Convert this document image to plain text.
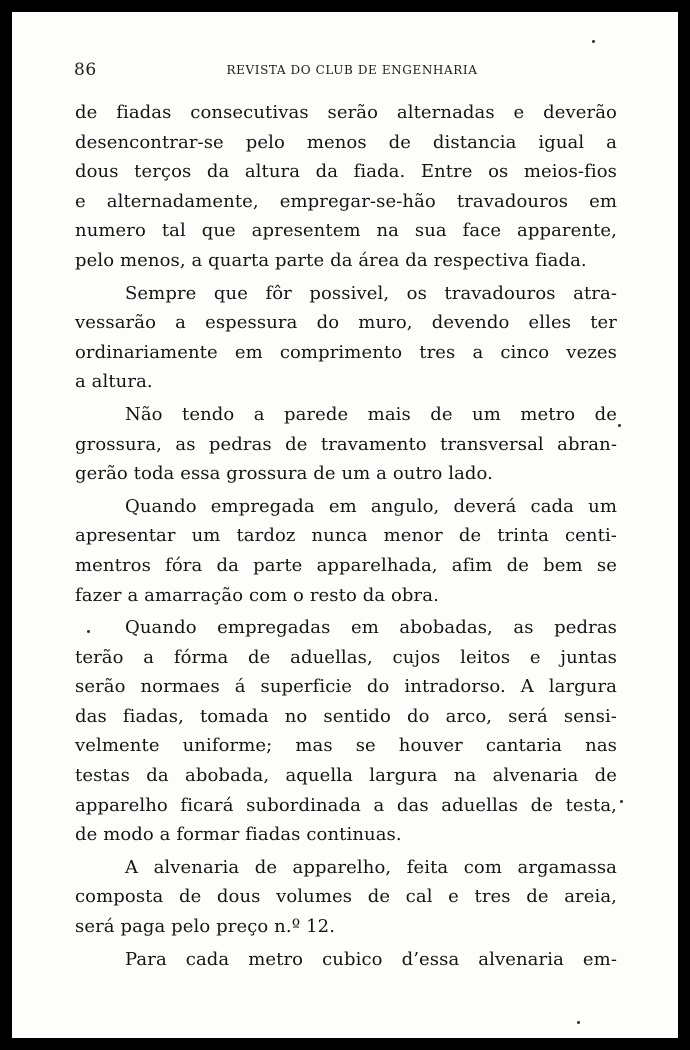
86	REVISTA DO CLUB DE ENGENHARIA

de fiadas consecutivas serão alternadas e deverão
desencontrar-se pelo menos de distancia igual a
dous terços da altura da fiada. Entre os meios-fios
e alternadamente, empregar-se-hão travadouros em
numero tal que apresentem na sua face apparente,
pelo menos, a quarta parte da área da respectiva fiada.

Sempre que fôr possivel, os travadouros atra-
vessarão a espessura do muro, devendo elles ter
ordinariamente em comprimento tres a cinco vezes
a altura.

Não tendo a parede mais de um metro de
grossura, as pedras de travamento transversal abran-
gerão toda essa grossura de um a outro lado.

Quando empregada em angulo, deverá cada um
apresentar um tardoz nunca menor de trinta centi-
mentros fóra da parte apparelhada, afim de bem se
fazer a amarração com o resto da obra.

Quando empregadas em abobadas, as pedras
terão a fórma de aduellas, cujos leitos e juntas
serão normaes á superficie do intradorso. A largura
das fiadas, tomada no sentido do arco, será sensi-
velmente uniforme; mas se houver cantaria nas
testas da abobada, aquella largura na alvenaria de
apparelho ficará subordinada a das aduellas de testa,
de modo a formar fiadas continuas.

A alvenaria de apparelho, feita com argamassa
composta de dous volumes de cal e tres de areia,
será paga pelo preço n.º 12.

Para cada metro cubico d’essa alvenaria em-
